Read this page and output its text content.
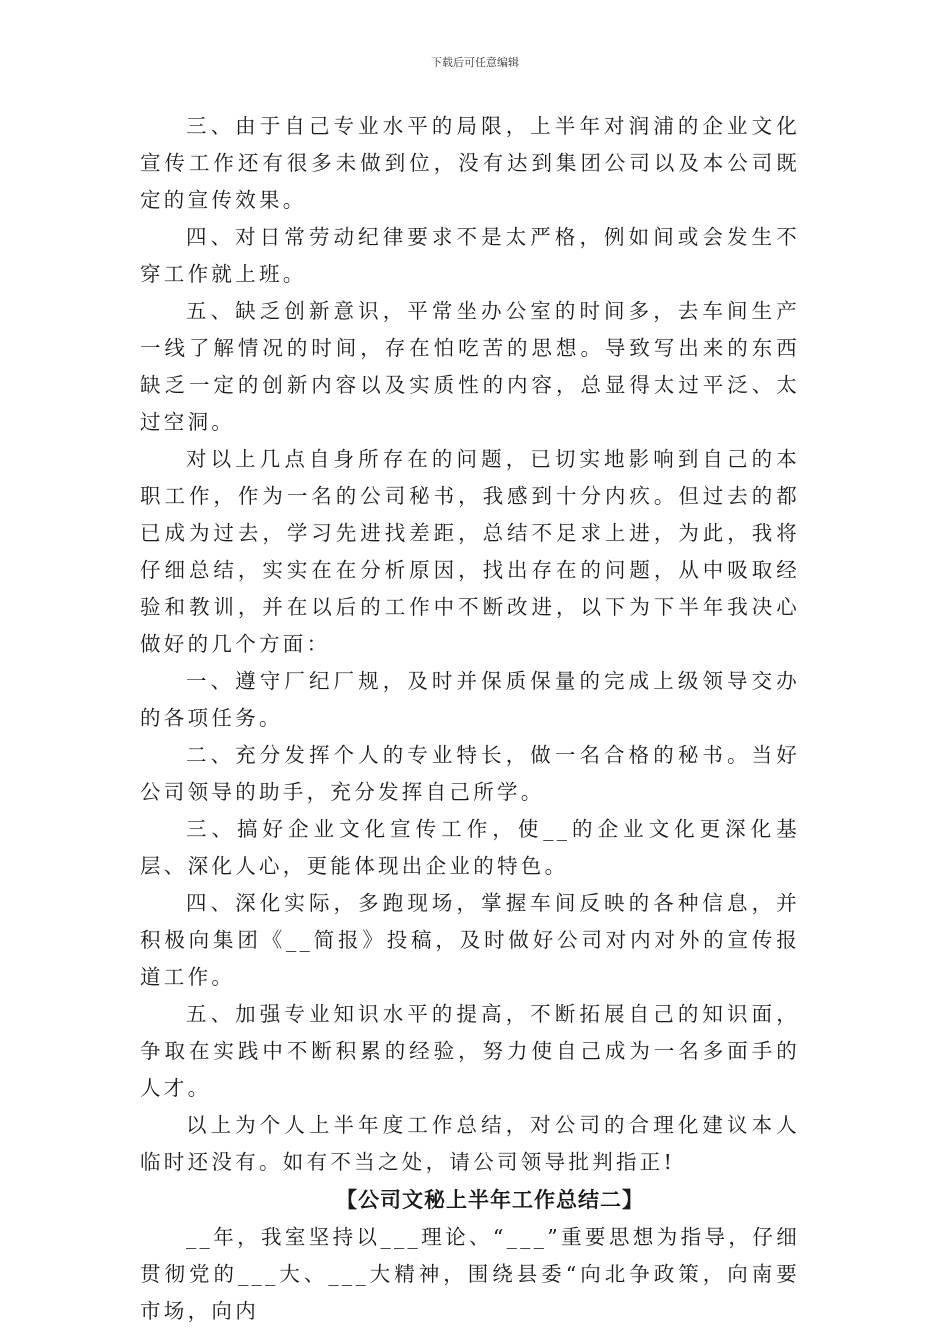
下载后可任意编辑

三、由于自己专业水平的局限，上半年对润浦的企业文化宣传工作还有很多未做到位，没有达到集团公司以及本公司既定的宣传效果。

四、对日常劳动纪律要求不是太严格，例如间或会发生不穿工作就上班。

五、缺乏创新意识，平常坐办公室的时间多，去车间生产一线了解情况的时间，存在怕吃苦的思想。导致写出来的东西缺乏一定的创新内容以及实质性的内容，总显得太过平泛、太过空洞。

对以上几点自身所存在的问题，已切实地影响到自己的本职工作，作为一名的公司秘书，我感到十分内疚。但过去的都已成为过去，学习先进找差距，总结不足求上进，为此，我将仔细总结，实实在在分析原因，找出存在的问题，从中吸取经验和教训，并在以后的工作中不断改进，以下为下半年我决心做好的几个方面：

一、遵守厂纪厂规，及时并保质保量的完成上级领导交办的各项任务。

二、充分发挥个人的专业特长，做一名合格的秘书。当好公司领导的助手，充分发挥自己所学。

三、搞好企业文化宣传工作，使__的企业文化更深化基层、深化人心，更能体现出企业的特色。

四、深化实际，多跑现场，掌握车间反映的各种信息，并积极向集团《__简报》投稿，及时做好公司对内对外的宣传报道工作。

五、加强专业知识水平的提高，不断拓展自己的知识面，争取在实践中不断积累的经验，努力使自己成为一名多面手的人才。

以上为个人上半年度工作总结，对公司的合理化建议本人临时还没有。如有不当之处，请公司领导批判指正!

【公司文秘上半年工作总结二】

__年，我室坚持以___理论、“___”重要思想为指导，仔细贯彻党的___大、___大精神，围绕县委“向北争政策，向南要市场，向内
